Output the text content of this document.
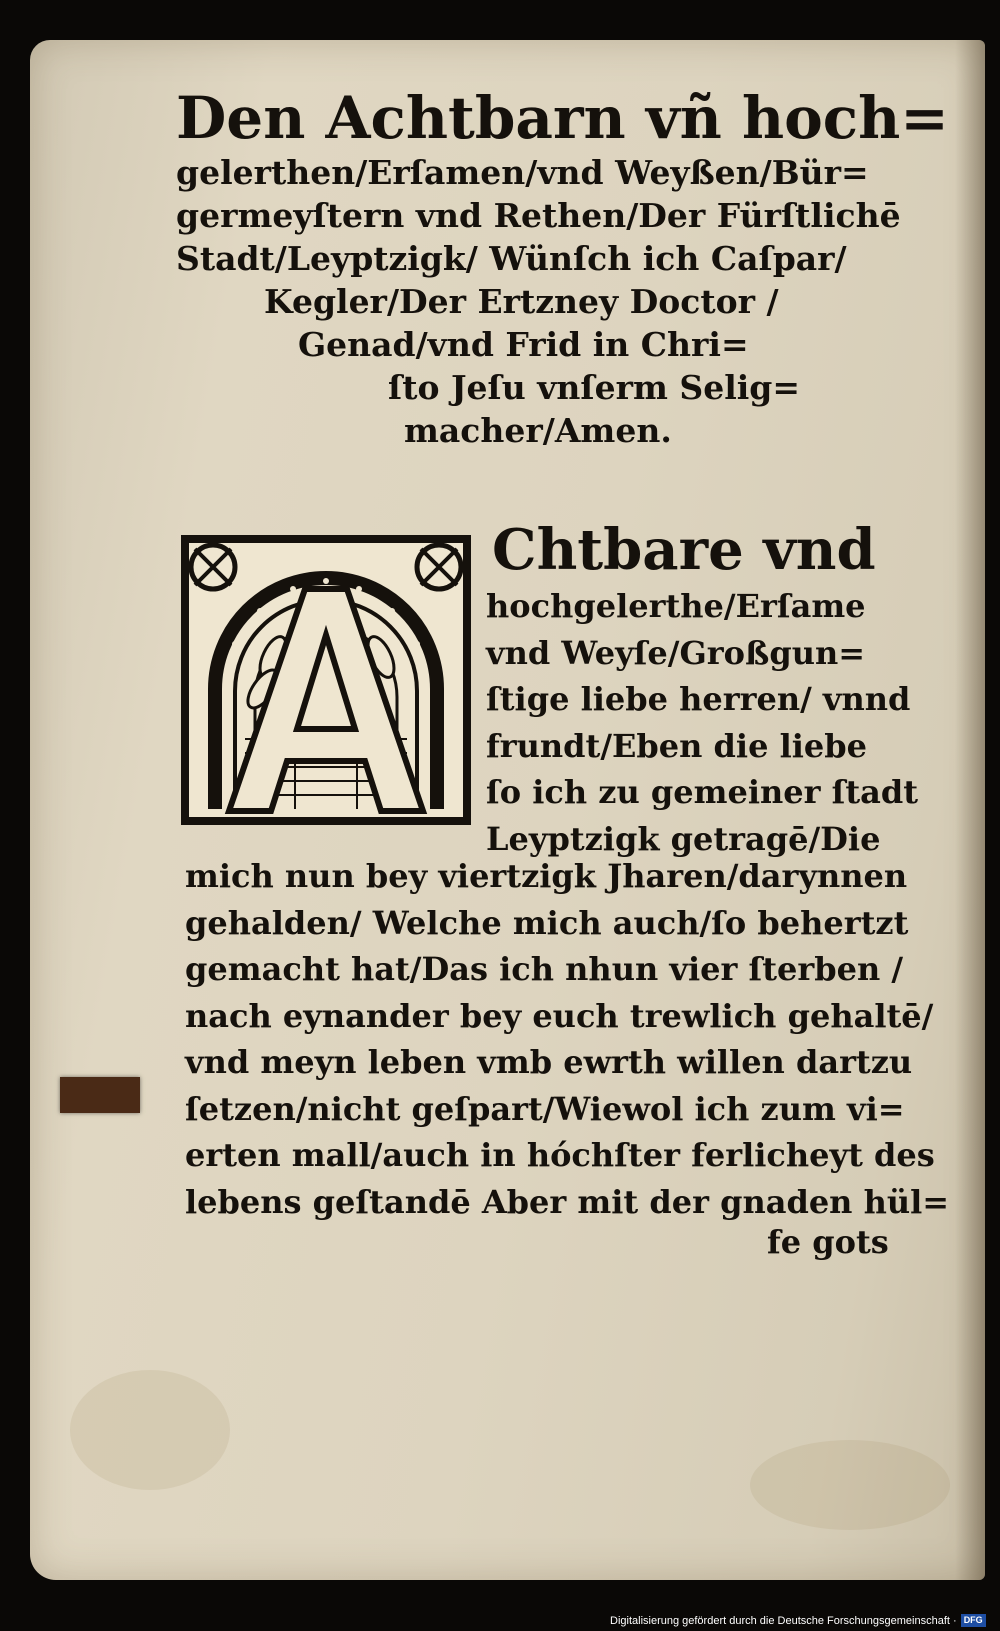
Den Achtbarn vñ hoch=
gelerthen/Erſamen/vnd Weyßen/Bür=
germeyſtern vnd Rethen/Der Fürſtlichē
Stadt/Leyptzigk/ Wünſch ich Caſpar/
Kegler/Der Ertzney Doctor /
Genad/vnd Frid in Chri=
ſto Jeſu vnſerm Selig=
macher/Amen.
Chtbare vnd
hochgelerthe/Erſame
vnd Weyſe/Großgun=
ſtige liebe herren/ vnnd
frundt/Eben die liebe
ſo ich zu gemeiner ſtadt
Leyptzigk getragē/Die
mich nun bey viertzigk Jharen/darynnen
gehalden/ Welche mich auch/ſo behertzt
gemacht hat/Das ich nhun vier ſterben /
nach eynander bey euch trewlich gehaltē/
vnd meyn leben vmb ewrth willen dartzu
ſetzen/nicht geſpart/Wiewol ich zum vi=
erten mall/auch in hóchſter ferlicheyt des
lebens geſtandē Aber mit der gnaden hül=
fe gots
Digitalisierung gefördert durch die Deutsche Forschungsgemeinschaft · DFG
